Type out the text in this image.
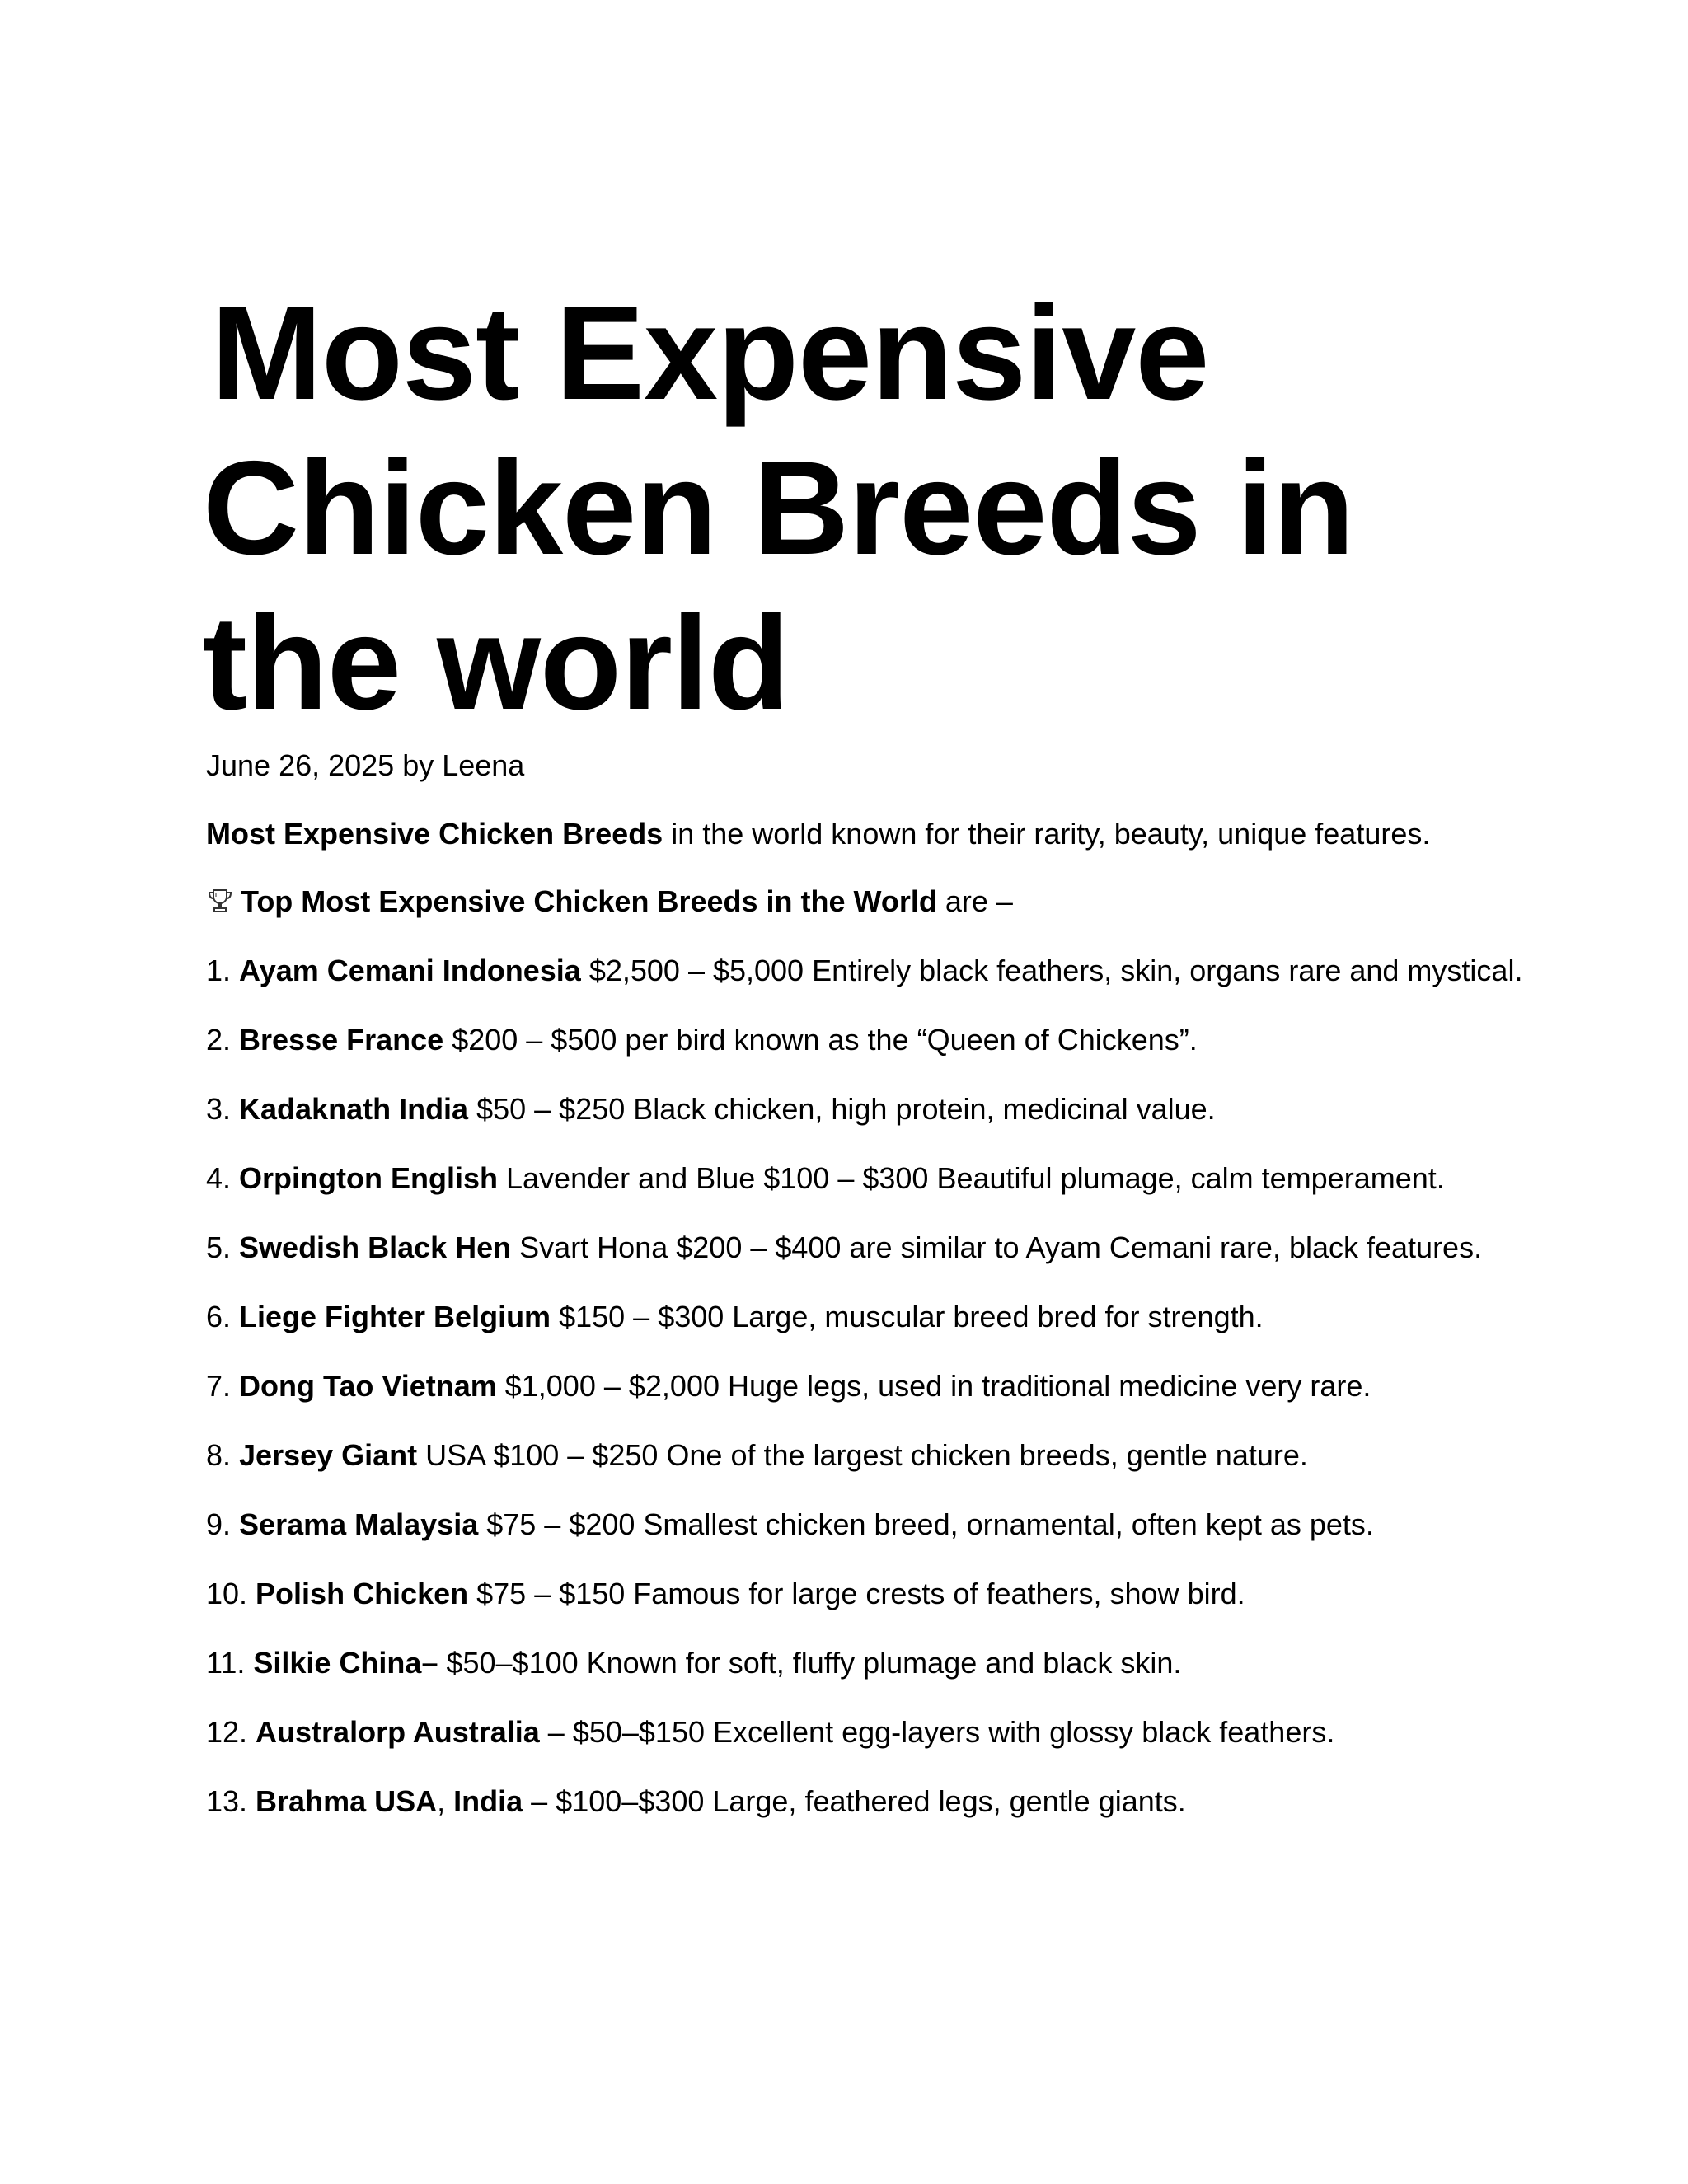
Most Expensive
Chicken Breeds in
the world
June 26, 2025 by Leena
Most Expensive Chicken Breeds in the world known for their rarity, beauty, unique features.
Top Most Expensive Chicken Breeds in the World are –
1. Ayam Cemani Indonesia $2,500 – $5,000 Entirely black feathers, skin, organs rare and mystical.
2. Bresse France $200 – $500 per bird known as the “Queen of Chickens”.
3. Kadaknath India $50 – $250 Black chicken, high protein, medicinal value.
4. Orpington English Lavender and Blue $100 – $300 Beautiful plumage, calm temperament.
5. Swedish Black Hen Svart Hona $200 – $400 are similar to Ayam Cemani rare, black features.
6. Liege Fighter Belgium $150 – $300 Large, muscular breed bred for strength.
7. Dong Tao Vietnam $1,000 – $2,000 Huge legs, used in traditional medicine very rare.
8. Jersey Giant USA $100 – $250 One of the largest chicken breeds, gentle nature.
9. Serama Malaysia $75 – $200 Smallest chicken breed, ornamental, often kept as pets.
10. Polish Chicken $75 – $150 Famous for large crests of feathers, show bird.
11. Silkie China– $50–$100 Known for soft, fluffy plumage and black skin.
12. Australorp Australia – $50–$150 Excellent egg-layers with glossy black feathers.
13. Brahma USA, India – $100–$300 Large, feathered legs, gentle giants.
